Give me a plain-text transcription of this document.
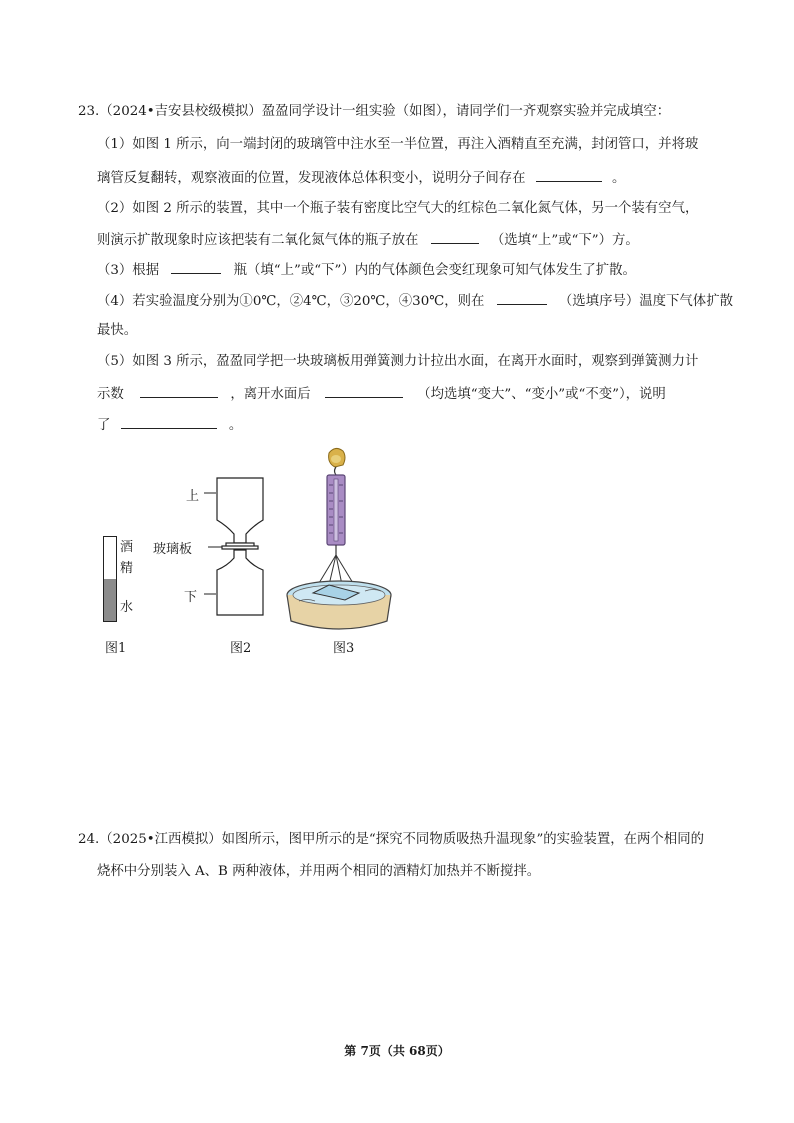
23.（2024•吉安县校级模拟）盈盈同学设计一组实验（如图），请同学们一齐观察实验并完成填空：
（1）如图 1 所示，向一端封闭的玻璃管中注水至一半位置，再注入酒精直至充满，封闭管口，并将玻
璃管反复翻转，观察液面的位置，发现液体总体积变小，说明分子间存在	。
（2）如图 2 所示的装置，其中一个瓶子装有密度比空气大的红棕色二氧化氮气体，另一个装有空气，
则演示扩散现象时应该把装有二氧化氮气体的瓶子放在	（选填“上”或“下”）方。
（3）根据	瓶（填“上”或“下”）内的气体颜色会变红现象可知气体发生了扩散。
（4）若实验温度分别为①0℃，②4℃，③20℃，④30℃，则在	（选填序号）温度下气体扩散
最快。
（5）如图 3 所示，盈盈同学把一块玻璃板用弹簧测力计拉出水面，在离开水面时，观察到弹簧测力计
示数	，离开水面后	（均选填“变大”、“变小”或“不变”），说明
了	。
酒
精
水
图1
上
玻璃板
下
图2	图3
24.（2025•江西模拟）如图所示，图甲所示的是“探究不同物质吸热升温现象”的实验装置，在两个相同的
烧杯中分别装入 A、B 两种液体，并用两个相同的酒精灯加热并不断搅拌。
第 7页（共 68页）
